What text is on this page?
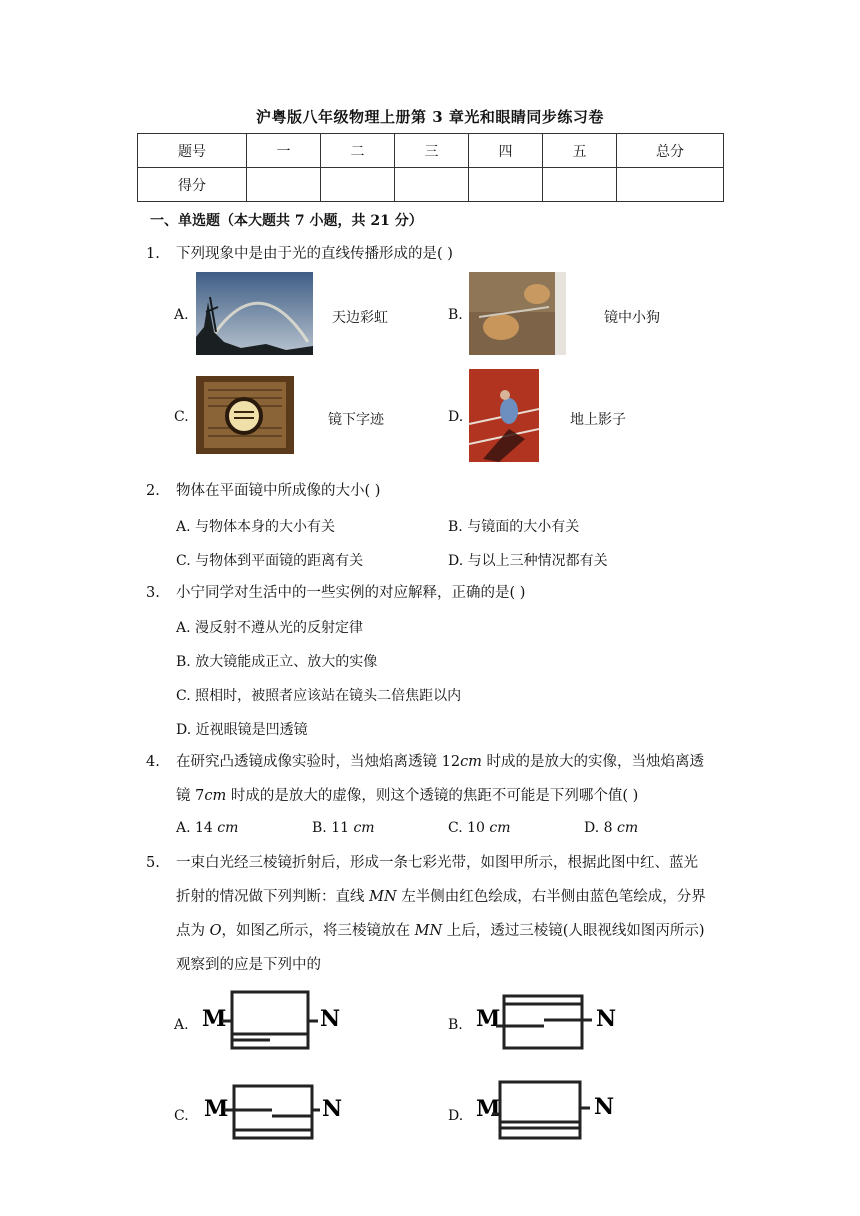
沪粤版八年级物理上册第 3 章光和眼睛同步练习卷
题号	一	二	三	四	五	总分
得分						
一、单选题（本大题共 7 小题，共 21 分）
1. 下列现象中是由于光的直线传播形成的是( )
A.	天边彩虹	B.	镜中小狗
C.	镜下字迹	D.	地上影子
2. 物体在平面镜中所成像的大小( )
A. 与物体本身的大小有关	B. 与镜面的大小有关
C. 与物体到平面镜的距离有关	D. 与以上三种情况都有关
3. 小宁同学对生活中的一些实例的对应解释，正确的是( )
A. 漫反射不遵从光的反射定律
B. 放大镜能成正立、放大的实像
C. 照相时，被照者应该站在镜头二倍焦距以内
D. 近视眼镜是凹透镜
4. 在研究凸透镜成像实验时，当烛焰离透镜 12cm 时成的是放大的实像，当烛焰离透
镜 7cm 时成的是放大的虚像，则这个透镜的焦距不可能是下列哪个值( )
A. 14 cm	B. 11 cm	C. 10 cm	D. 8 cm
5. 一束白光经三棱镜折射后，形成一条七彩光带，如图甲所示，根据此图中红、蓝光
折射的情况做下列判断：直线 MN 左半侧由红色绘成，右半侧由蓝色笔绘成，分界
点为 O，如图乙所示，将三棱镜放在 MN 上后，透过三棱镜(人眼视线如图丙所示)
观察到的应是下列中的
A. M	N	B. M	N
C. M	N	D. M	N
